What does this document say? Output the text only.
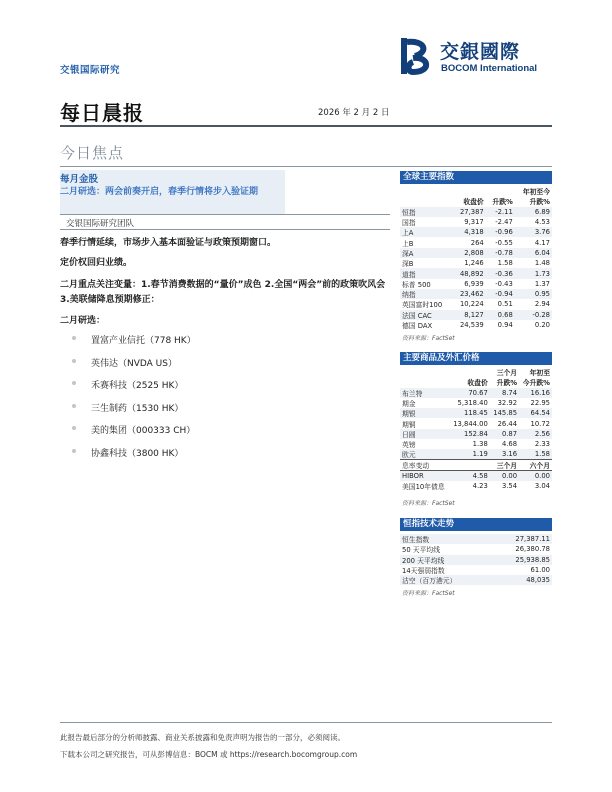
交银国际研究
交銀國際
BOCOM International
每日晨报	2026 年 2 月 2 日
今日焦点
每月金股
二月研选：两会前奏开启，春季行情将步入验证期
交银国际研究团队
春季行情延续，市场步入基本面验证与政策预期窗口。
定价权回归业绩。
二月重点关注变量：1.春节消费数据的“量价”成色 2.全国“两会”前的政策吹风会 3.美联储降息预期修正：
二月研选：
置富产业信托（778 HK）
英伟达（NVDA US）
禾赛科技（2525 HK）
三生制药（1530 HK）
美的集团（000333 CH）
协鑫科技（3800 HK）
全球主要指数
			年初至今
	收盘价	升跌%	升跌%
恒指	27,387	-2.11	6.89
国指	9,317	-2.47	4.53
上A	4,318	-0.96	3.76
上B	264	-0.55	4.17
深A	2,808	-0.78	6.04
深B	1,246	1.58	1.48
道指	48,892	-0.36	1.73
标普 500	6,939	-0.43	1.37
纳指	23,462	-0.94	0.95
英国富时100	10,224	0.51	2.94
法国 CAC	8,127	0.68	-0.28
德国 DAX	24,539	0.94	0.20
资料来源：FactSet
主要商品及外汇价格
		三个月	年初至
	收盘价	升跌%	今升跌%
布兰特	70.67	8.74	16.16
期金	5,318.40	32.92	22.95
期银	118.45	145.85	64.54
期铜	13,844.00	26.44	10.72
日圆	152.84	0.87	2.56
英镑	1.38	4.68	2.33
欧元	1.19	3.16	1.58
息率变动		三个月	六个月
HIBOR	4.58	0.00	0.00
美国10年债息	4.23	3.54	3.04
资料来源：FactSet
恒指技术走势
恒生指数	27,387.11
50 天平均线	26,380.78
200 天平均线	25,938.85
14天强弱指数	61.00
沽空（百万港元）	48,035
资料来源：FactSet
此报告最后部分的分析师披露、商业关系披露和免责声明为报告的一部分，必须阅读。
下载本公司之研究报告，可从彭博信息：BOCM 或 https://research.bocomgroup.com
